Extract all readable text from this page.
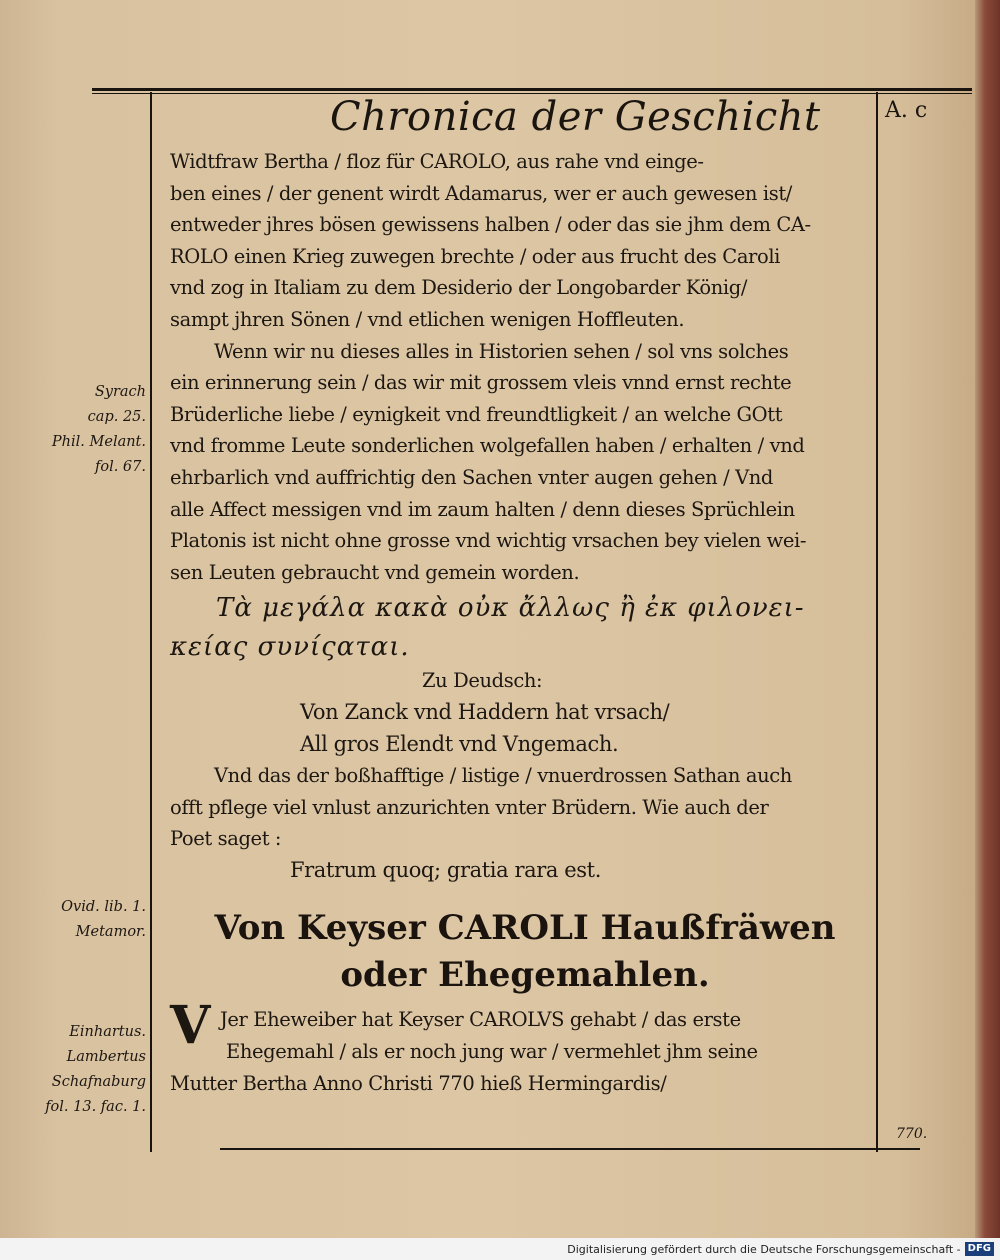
Chronica der Geschicht	A. c
Widtfraw Bertha / floz für CAROLO, aus rahe vnd einge-
ben eines / der genent wirdt Adamarus, wer er auch gewesen ist/
entweder jhres bösen gewissens halben / oder das sie jhm dem CA-
ROLO einen Krieg zuwegen brechte / oder aus frucht des Caroli
vnd zog in Italiam zu dem Desiderio der Longobarder König/
sampt jhren Sönen / vnd etlichen wenigen Hoffleuten.
Wenn wir nu dieses alles in Historien sehen / sol vns solches
ein erinnerung sein / das wir mit grossem vleis vnnd ernst rechte
Brüderliche liebe / eynigkeit vnd freundtligkeit / an welche GOtt
vnd fromme Leute sonderlichen wolgefallen haben / erhalten / vnd
ehrbarlich vnd auffrichtig den Sachen vnter augen gehen / Vnd
alle Affect messigen vnd im zaum halten / denn dieses Sprüchlein
Platonis ist nicht ohne grosse vnd wichtig vrsachen bey vielen wei-
sen Leuten gebraucht vnd gemein worden.
Τὰ μεγάλα κακὰ οὐκ ἄλλως ἢ ἐκ φιλονει-
κείας συνίςαται.
Zu Deudsch:
Von Zanck vnd Haddern hat vrsach/
All gros Elendt vnd Vngemach.
Vnd das der boßhafftige / listige / vnuerdrossen Sathan auch
offt pflege viel vnlust anzurichten vnter Brüdern. Wie auch der
Poet saget :
Fratrum quoq; gratia rara est.
Von Keyser CAROLI Haußfräwen
oder Ehegemahlen.
V Jer Eheweiber hat Keyser CAROLVS gehabt / das erste
Ehegemahl / als er noch jung war / vermehlet jhm seine
Mutter Bertha Anno Christi 770 hieß Hermingardis/
Syrach
cap. 25.
Phil. Melant.
fol. 67.
Ovid. lib. 1.
Metamor.
Einhartus.
Lambertus
Schafnaburg
fol. 13. fac. 1.
770.
Digitalisierung gefördert durch die Deutsche Forschungsgemeinschaft - DFG
